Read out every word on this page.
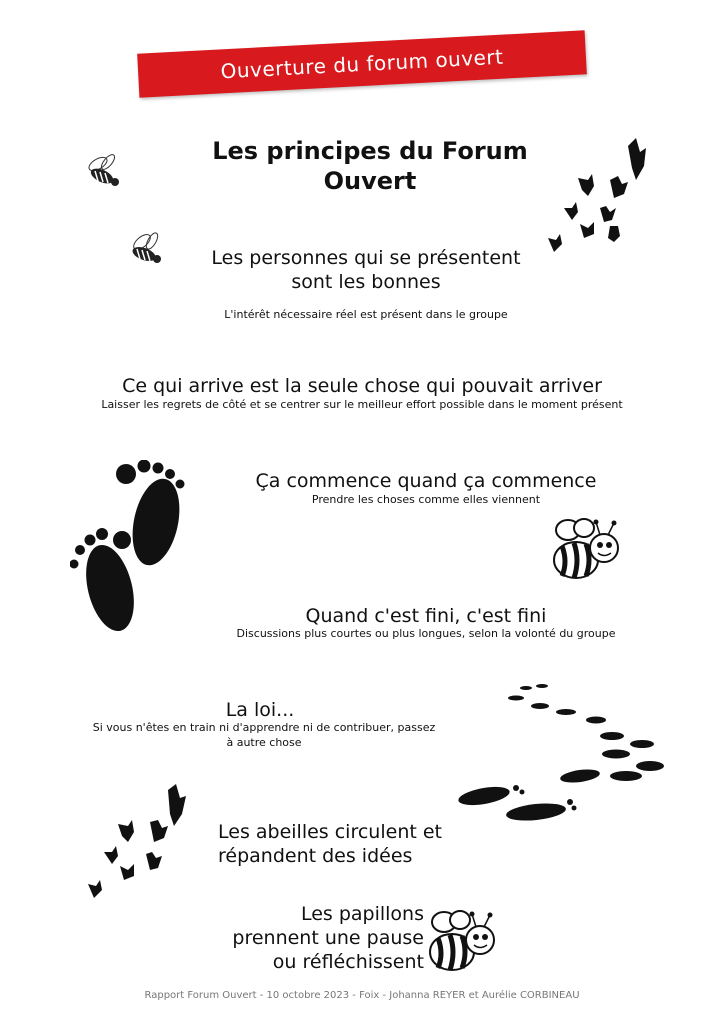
Ouverture du forum ouvert
Les principes du Forum
Ouvert
Les personnes qui se présentent
sont les bonnes
L'intérêt nécessaire réel est présent dans le groupe
Ce qui arrive est la seule chose qui pouvait arriver
Laisser les regrets de côté et se centrer sur le meilleur effort possible dans le moment présent
Ça commence quand ça commence
Prendre les choses comme elles viennent
Quand c'est fini, c'est fini
Discussions plus courtes ou plus longues, selon la volonté du groupe
La loi...
Si vous n'êtes en train ni d'apprendre ni de contribuer, passez
à autre chose
Les abeilles circulent et
répandent des idées
Les papillons
prennent une pause
ou réfléchissent
Rapport Forum Ouvert - 10 octobre 2023 - Foix - Johanna REYER et Aurélie CORBINEAU
